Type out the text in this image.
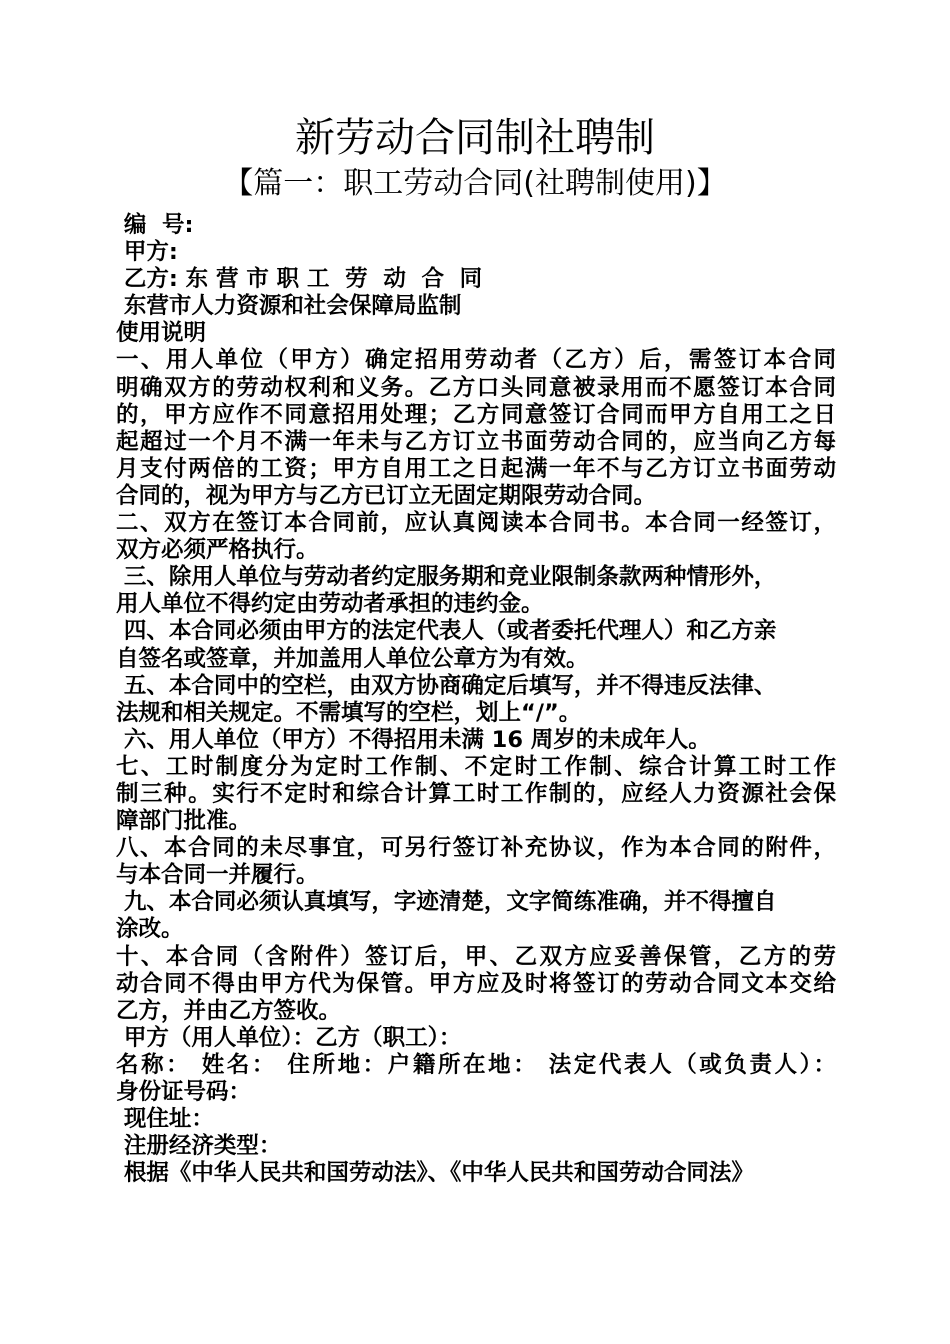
新劳动合同制社聘制
【篇一：职工劳动合同(社聘制使用)】
编  号:
甲方:
乙方: 东 营 市 职 工  劳  动  合  同
东营市人力资源和社会保障局监制
使用说明
一、用人单位（甲方）确定招用劳动者（乙方）后，需签订本合同
明确双方的劳动权利和义务。乙方口头同意被录用而不愿签订本合同
的，甲方应作不同意招用处理；乙方同意签订合同而甲方自用工之日
起超过一个月不满一年未与乙方订立书面劳动合同的，应当向乙方每
月支付两倍的工资；甲方自用工之日起满一年不与乙方订立书面劳动
合同的，视为甲方与乙方已订立无固定期限劳动合同。
二、双方在签订本合同前，应认真阅读本合同书。本合同一经签订，
双方必须严格执行。
三、除用人单位与劳动者约定服务期和竞业限制条款两种情形外，
用人单位不得约定由劳动者承担的违约金。
四、本合同必须由甲方的法定代表人（或者委托代理人）和乙方亲
自签名或签章，并加盖用人单位公章方为有效。
五、本合同中的空栏，由双方协商确定后填写，并不得违反法律、
法规和相关规定。不需填写的空栏，划上“/”。
六、用人单位（甲方）不得招用未满 16 周岁的未成年人。
七、工时制度分为定时工作制、不定时工作制、综合计算工时工作
制三种。实行不定时和综合计算工时工作制的，应经人力资源社会保
障部门批准。
八、本合同的未尽事宜，可另行签订补充协议，作为本合同的附件，
与本合同一并履行。
九、本合同必须认真填写，字迹清楚，文字简练准确，并不得擅自
涂改。
十、本合同（含附件）签订后，甲、乙双方应妥善保管，乙方的劳
动合同不得由甲方代为保管。甲方应及时将签订的劳动合同文本交给
乙方，并由乙方签收。
甲方（用人单位）：乙方（职工）：
名称： 姓名： 住所地：户籍所在地： 法定代表人（或负责人）：
身份证号码：
现住址：
注册经济类型：
根据《中华人民共和国劳动法》、《中华人民共和国劳动合同法》
